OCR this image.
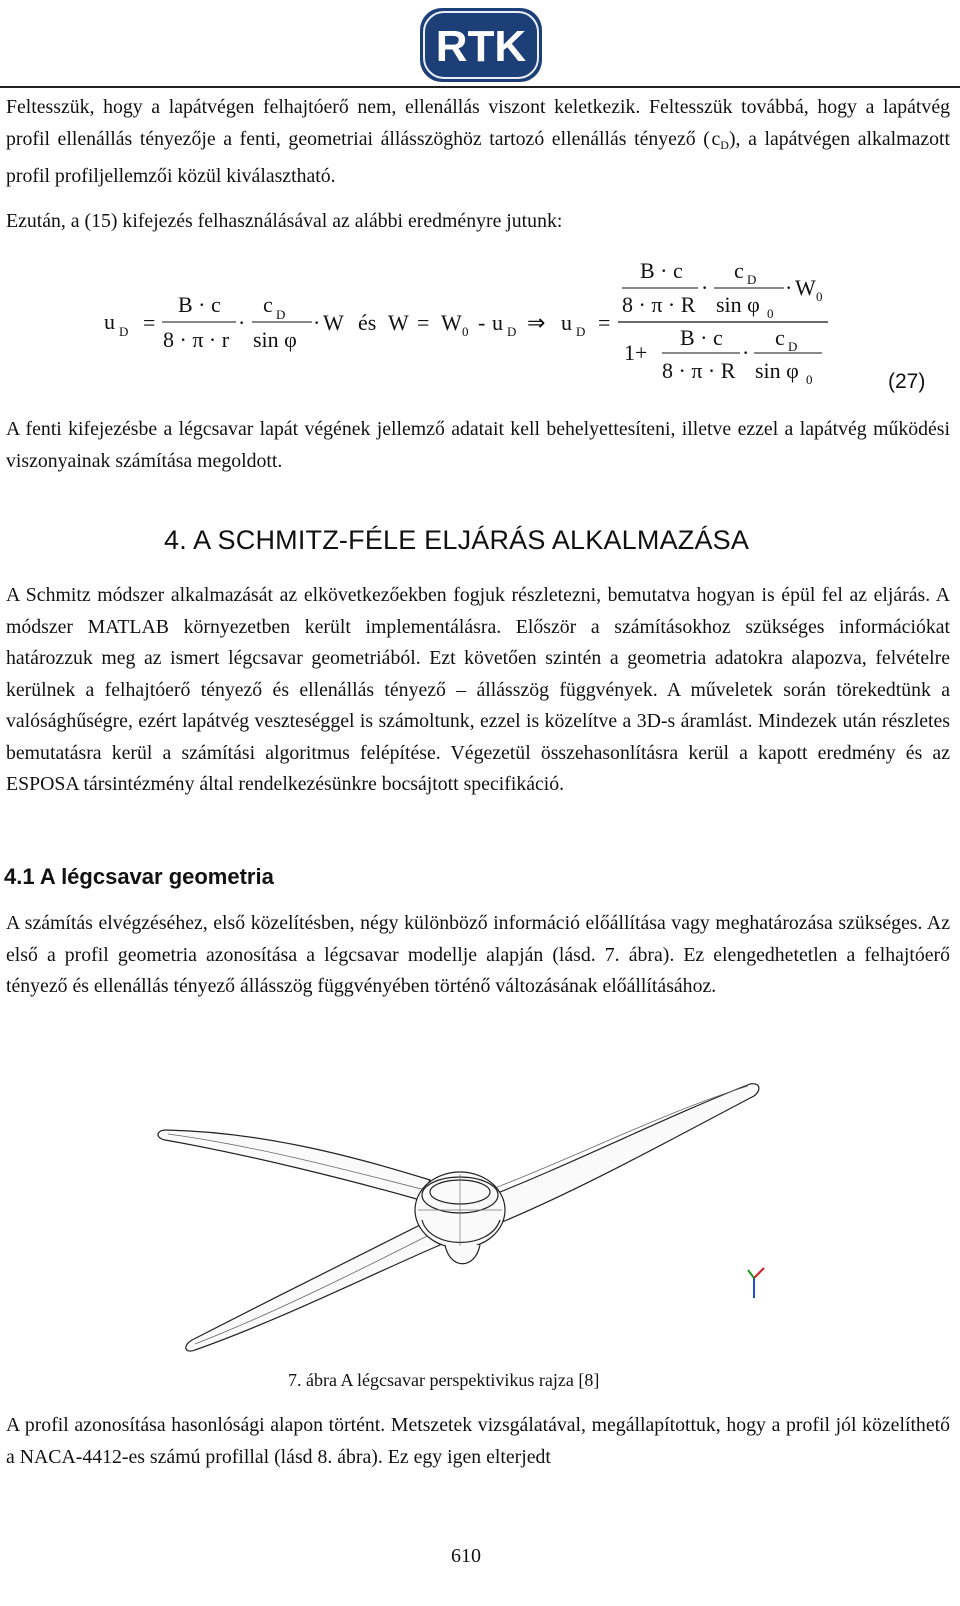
RTK

Feltesszük, hogy a lapátvégen felhajtóerő nem, ellenállás viszont keletkezik. Feltesszük továbbá, hogy a lapátvég profil ellenállás tényezője a fenti, geometriai állásszöghöz tartozó ellenállás tényező ( $c_D$), a lapátvégen alkalmazott profil profiljellemzői közül kiválasztható.

Ezután, a (15) kifejezés felhasználásával az alábbi eredményre jutunk:

u D =
B · c
8 · π · r
·
c D
sin φ
· W és W = W 0 - u D ⇒ u D =
B · c
8 · π · R
·
c D
sin φ 0
· W 0
1+
B · c
8 · π · R
·
c D
sin φ 0	(27)

A fenti kifejezésbe a légcsavar lapát végének jellemző adatait kell behelyettesíteni, illetve ezzel a lapátvég működési viszonyainak számítása megoldott.

4. A SCHMITZ-FÉLE ELJÁRÁS ALKALMAZÁSA

A Schmitz módszer alkalmazását az elkövetkezőekben fogjuk részletezni, bemutatva hogyan is épül fel az eljárás. A módszer MATLAB környezetben került implementálásra. Először a számításokhoz szükséges információkat határozzuk meg az ismert légcsavar geometriából. Ezt követően szintén a geometria adatokra alapozva, felvételre kerülnek a felhajtóerő tényező és ellenállás tényező – állásszög függvények. A műveletek során törekedtünk a valósághűségre, ezért lapátvég veszteséggel is számoltunk, ezzel is közelítve a 3D-s áramlást. Mindezek után részletes bemutatásra kerül a számítási algoritmus felépítése. Végezetül összehasonlításra kerül a kapott eredmény és az ESPOSA társintézmény által rendelkezésünkre bocsájtott specifikáció.

4.1 A légcsavar geometria

A számítás elvégzéséhez, első közelítésben, négy különböző információ előállítása vagy meghatározása szükséges. Az első a profil geometria azonosítása a légcsavar modellje alapján (lásd. 7. ábra). Ez elengedhetetlen a felhajtóerő tényező és ellenállás tényező állásszög függvényében történő változásának előállításához.

7. ábra A légcsavar perspektivikus rajza [8]

A profil azonosítása hasonlósági alapon történt. Metszetek vizsgálatával, megállapítottuk, hogy a profil jól közelíthető a NACA-4412-es számú profillal (lásd 8. ábra). Ez egy igen elterjedt

610
